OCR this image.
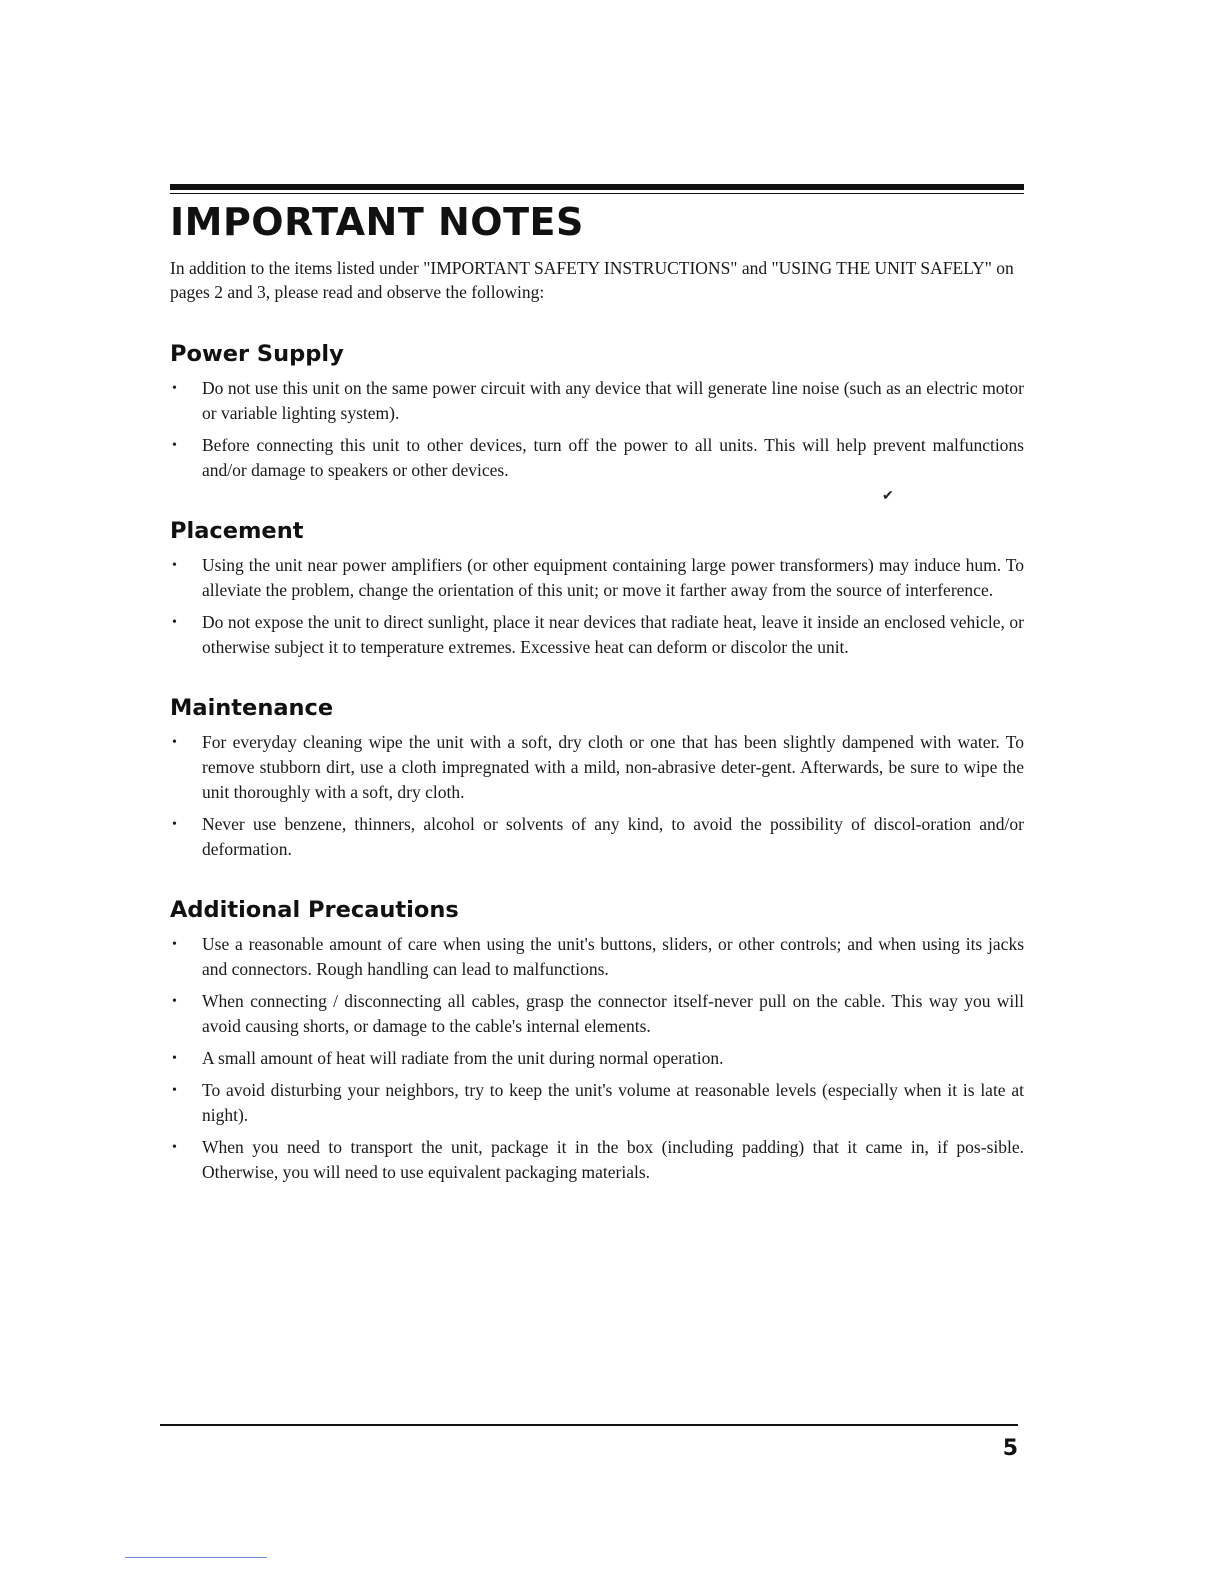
IMPORTANT NOTES

In addition to the items listed under "IMPORTANT SAFETY INSTRUCTIONS" and "USING THE UNIT SAFELY" on pages 2 and 3, please read and observe the following:

Power Supply
• Do not use this unit on the same power circuit with any device that will generate line noise (such as an electric motor or variable lighting system).
• Before connecting this unit to other devices, turn off the power to all units. This will help prevent malfunctions and/or damage to speakers or other devices.
Placement
• Using the unit near power amplifiers (or other equipment containing large power transformers) may induce hum. To alleviate the problem, change the orientation of this unit; or move it farther away from the source of interference.
• Do not expose the unit to direct sunlight, place it near devices that radiate heat, leave it inside an enclosed vehicle, or otherwise subject it to temperature extremes. Excessive heat can deform or discolor the unit.
Maintenance
• For everyday cleaning wipe the unit with a soft, dry cloth or one that has been slightly dampened with water. To remove stubborn dirt, use a cloth impregnated with a mild, non-abrasive deter-gent. Afterwards, be sure to wipe the unit thoroughly with a soft, dry cloth.
• Never use benzene, thinners, alcohol or solvents of any kind, to avoid the possibility of discol-oration and/or deformation.
Additional Precautions
• Use a reasonable amount of care when using the unit's buttons, sliders, or other controls; and when using its jacks and connectors. Rough handling can lead to malfunctions.
• When connecting / disconnecting all cables, grasp the connector itself-never pull on the cable. This way you will avoid causing shorts, or damage to the cable's internal elements.
• A small amount of heat will radiate from the unit during normal operation.
• To avoid disturbing your neighbors, try to keep the unit's volume at reasonable levels (especially when it is late at night).
• When you need to transport the unit, package it in the box (including padding) that it came in, if pos-sible. Otherwise, you will need to use equivalent packaging materials.
✔
5
